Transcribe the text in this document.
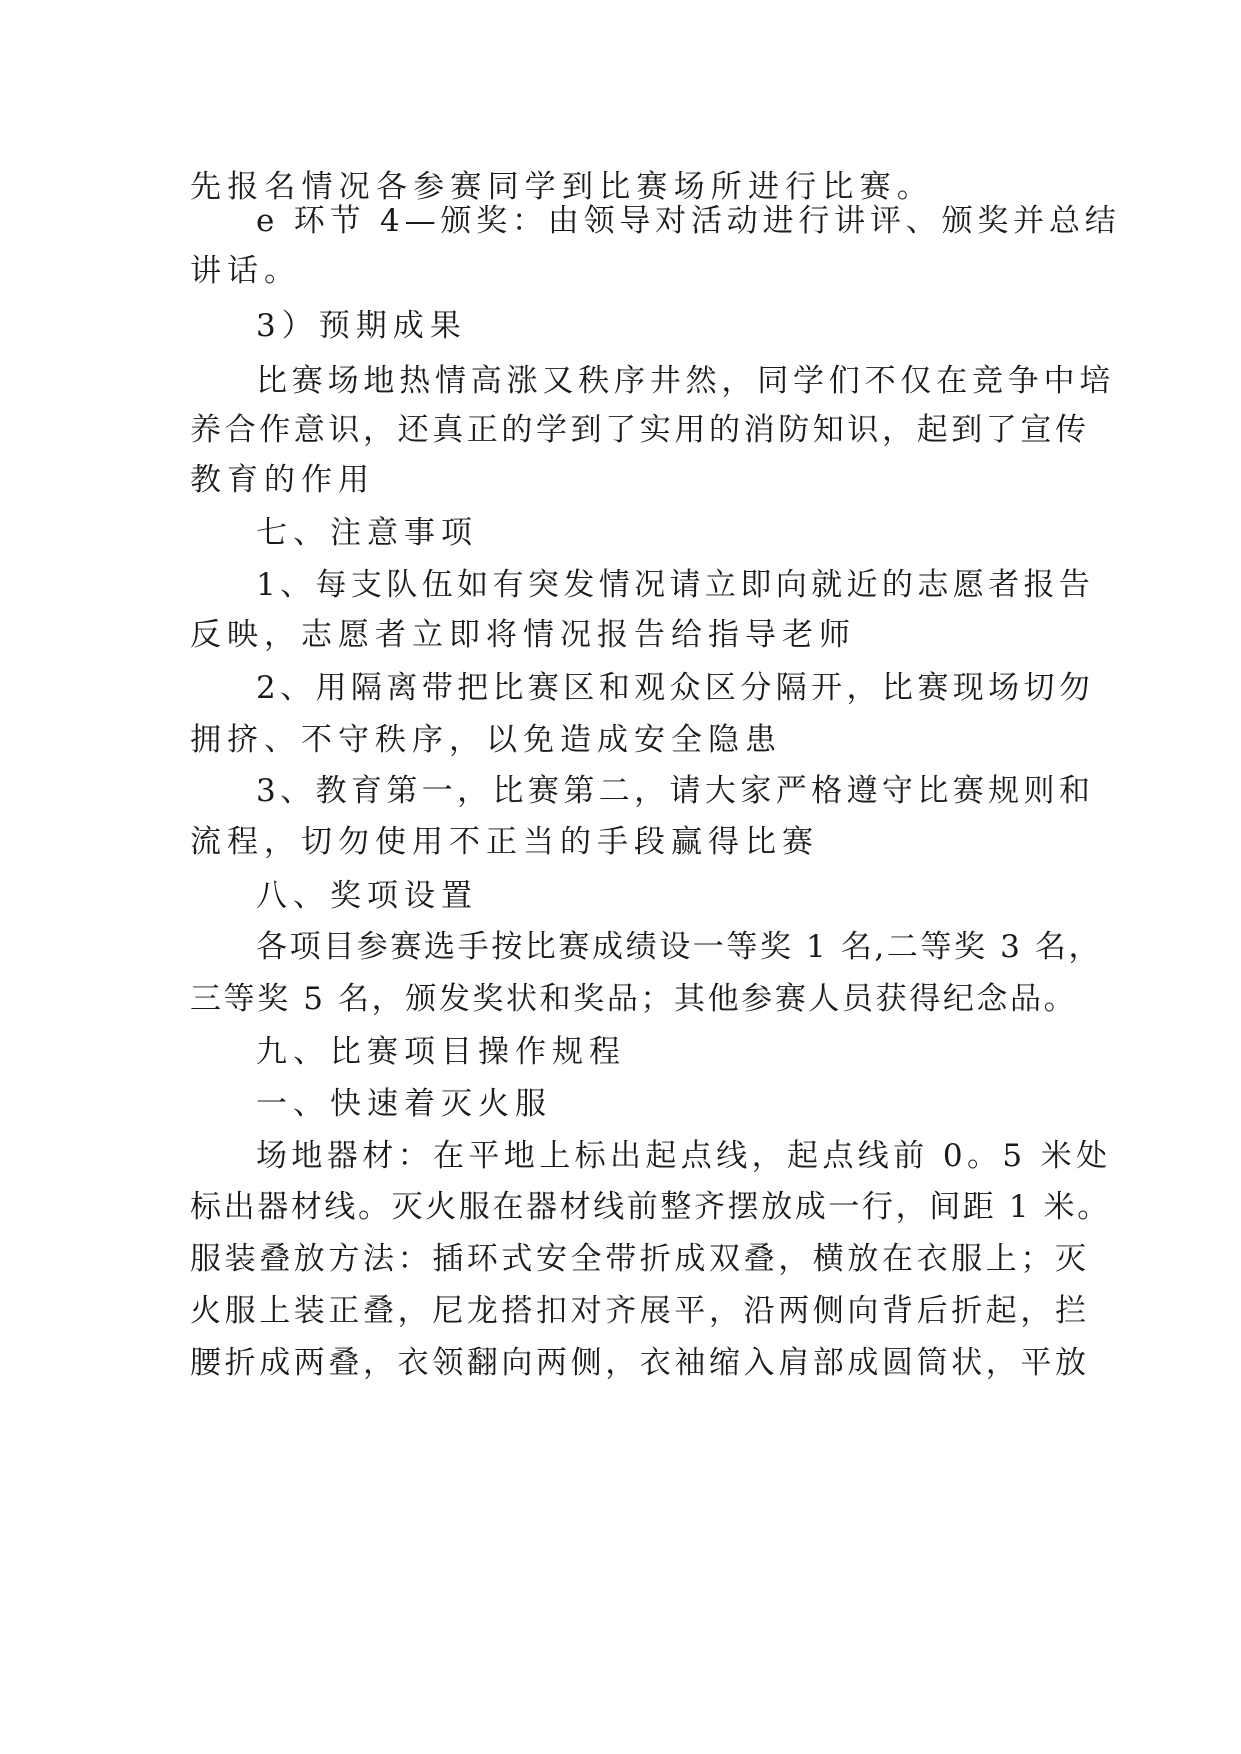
先报名情况各参赛同学到比赛场所进行比赛。
e 环节 4—颁奖：由领导对活动进行讲评、颁奖并总结
讲话。
3）预期成果
比赛场地热情高涨又秩序井然，同学们不仅在竞争中培
养合作意识，还真正的学到了实用的消防知识，起到了宣传
教育的作用
七、注意事项
1、每支队伍如有突发情况请立即向就近的志愿者报告
反映，志愿者立即将情况报告给指导老师
2、用隔离带把比赛区和观众区分隔开，比赛现场切勿
拥挤、不守秩序，以免造成安全隐患
3、教育第一，比赛第二，请大家严格遵守比赛规则和
流程，切勿使用不正当的手段赢得比赛
八、奖项设置
各项目参赛选手按比赛成绩设一等奖 1 名,二等奖 3 名，
三等奖 5 名，颁发奖状和奖品；其他参赛人员获得纪念品。
九、比赛项目操作规程
一、快速着灭火服
场地器材：在平地上标出起点线，起点线前 0。5 米处
标出器材线。灭火服在器材线前整齐摆放成一行，间距 1 米。
服装叠放方法：插环式安全带折成双叠，横放在衣服上；灭
火服上装正叠，尼龙搭扣对齐展平，沿两侧向背后折起，拦
腰折成两叠，衣领翻向两侧，衣袖缩入肩部成圆筒状，平放
